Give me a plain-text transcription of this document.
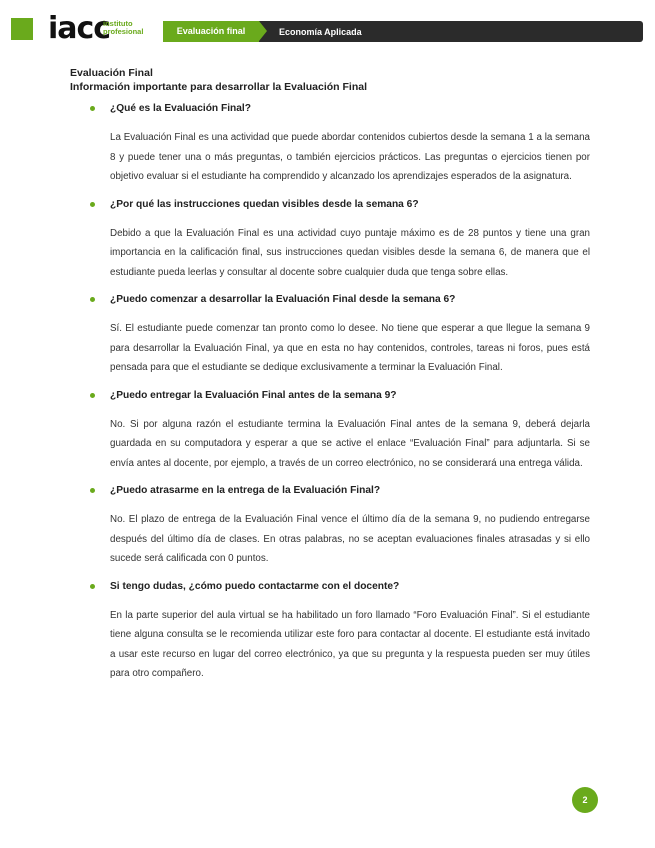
iacc
instituto
profesional	Evaluación final	Economía Aplicada
Evaluación Final
Información importante para desarrollar la Evaluación Final
¿Qué es la Evaluación Final?
La Evaluación Final es una actividad que puede abordar contenidos cubiertos desde la semana 1 a la semana 8 y puede tener una o más preguntas, o también ejercicios prácticos. Las preguntas o ejercicios tienen por objetivo evaluar si el estudiante ha comprendido y alcanzado los aprendizajes esperados de la asignatura.
¿Por qué las instrucciones quedan visibles desde la semana 6?
Debido a que la Evaluación Final es una actividad cuyo puntaje máximo es de 28 puntos y tiene una gran importancia en la calificación final, sus instrucciones quedan visibles desde la semana 6, de manera que el estudiante pueda leerlas y consultar al docente sobre cualquier duda que tenga sobre ellas.
¿Puedo comenzar a desarrollar la Evaluación Final desde la semana 6?
Sí. El estudiante puede comenzar tan pronto como lo desee. No tiene que esperar a que llegue la semana 9 para desarrollar la Evaluación Final, ya que en esta no hay contenidos, controles, tareas ni foros, pues está pensada para que el estudiante se dedique exclusivamente a terminar la Evaluación Final.
¿Puedo entregar la Evaluación Final antes de la semana 9?
No. Si por alguna razón el estudiante termina la Evaluación Final antes de la semana 9, deberá dejarla guardada en su computadora y esperar a que se active el enlace “Evaluación Final” para adjuntarla. Si se envía antes al docente, por ejemplo, a través de un correo electrónico, no se considerará una entrega válida.
¿Puedo atrasarme en la entrega de la Evaluación Final?
No. El plazo de entrega de la Evaluación Final vence el último día de la semana 9, no pudiendo entregarse después del último día de clases. En otras palabras, no se aceptan evaluaciones finales atrasadas y si ello sucede será calificada con 0 puntos.
Si tengo dudas, ¿cómo puedo contactarme con el docente?
En la parte superior del aula virtual se ha habilitado un foro llamado “Foro Evaluación Final”. Si el estudiante tiene alguna consulta se le recomienda utilizar este foro para contactar al docente. El estudiante está invitado a usar este recurso en lugar del correo electrónico, ya que su pregunta y la respuesta pueden ser muy útiles para otro compañero.
2
